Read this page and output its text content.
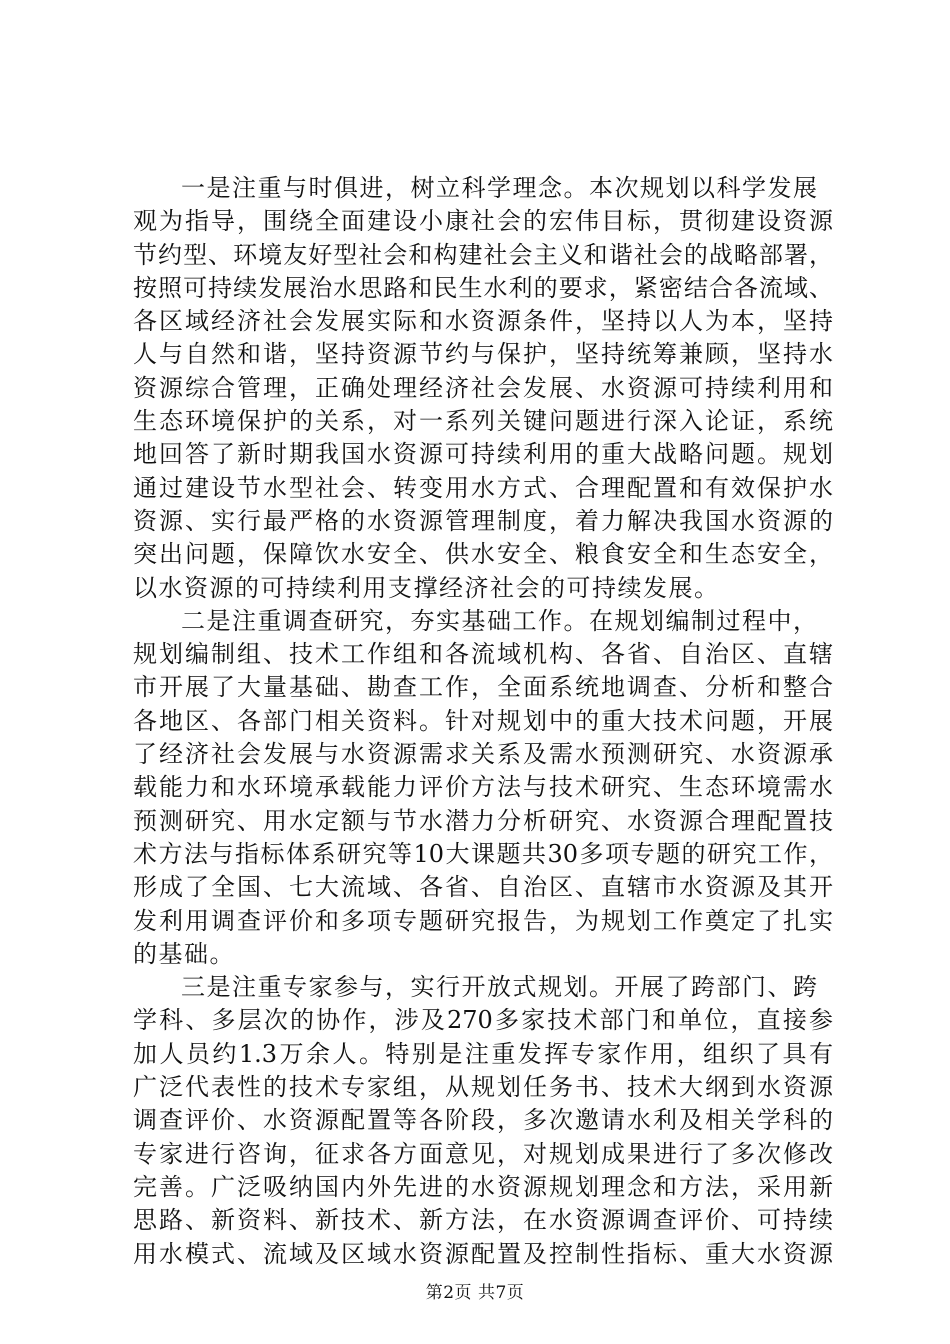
一是注重与时俱进，树立科学理念。本次规划以科学发展
观为指导，围绕全面建设小康社会的宏伟目标，贯彻建设资源
节约型、环境友好型社会和构建社会主义和谐社会的战略部署，
按照可持续发展治水思路和民生水利的要求，紧密结合各流域、
各区域经济社会发展实际和水资源条件，坚持以人为本，坚持
人与自然和谐，坚持资源节约与保护，坚持统筹兼顾，坚持水
资源综合管理，正确处理经济社会发展、水资源可持续利用和
生态环境保护的关系，对一系列关键问题进行深入论证，系统
地回答了新时期我国水资源可持续利用的重大战略问题。规划
通过建设节水型社会、转变用水方式、合理配置和有效保护水
资源、实行最严格的水资源管理制度，着力解决我国水资源的
突出问题，保障饮水安全、供水安全、粮食安全和生态安全，
以水资源的可持续利用支撑经济社会的可持续发展。
二是注重调查研究，夯实基础工作。在规划编制过程中，
规划编制组、技术工作组和各流域机构、各省、自治区、直辖
市开展了大量基础、勘查工作，全面系统地调查、分析和整合
各地区、各部门相关资料。针对规划中的重大技术问题，开展
了经济社会发展与水资源需求关系及需水预测研究、水资源承
载能力和水环境承载能力评价方法与技术研究、生态环境需水
预测研究、用水定额与节水潜力分析研究、水资源合理配置技
术方法与指标体系研究等10大课题共30多项专题的研究工作，
形成了全国、七大流域、各省、自治区、直辖市水资源及其开
发利用调查评价和多项专题研究报告，为规划工作奠定了扎实
的基础。
三是注重专家参与，实行开放式规划。开展了跨部门、跨
学科、多层次的协作，涉及270多家技术部门和单位，直接参
加人员约1.3万余人。特别是注重发挥专家作用，组织了具有
广泛代表性的技术专家组，从规划任务书、技术大纲到水资源
调查评价、水资源配置等各阶段，多次邀请水利及相关学科的
专家进行咨询，征求各方面意见，对规划成果进行了多次修改
完善。广泛吸纳国内外先进的水资源规划理念和方法，采用新
思路、新资料、新技术、新方法，在水资源调查评价、可持续
用水模式、流域及区域水资源配置及控制性指标、重大水资源
第2页 共7页
